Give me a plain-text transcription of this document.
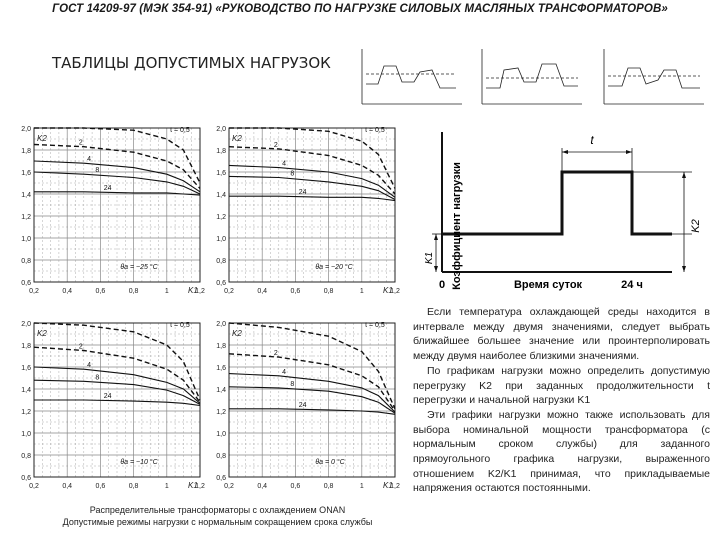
ГОСТ 14209-97 (МЭК 354-91) «РУКОВОДСТВО ПО НАГРУЗКЕ СИЛОВЫХ МАСЛЯНЫХ ТРАНСФОРМАТОРОВ»
ТАБЛИЦЫ ДОПУСТИМЫХ НАГРУЗОК
2,0
1,8
1,6
1,4
1,2
1,0
0,8
0,6
0,2	0,4	0,6	0,8	1	1,2
K1
K2
t = 0,5
2
4
8
24
θa = −25 °C
2,0
1,8
1,6
1,4
1,2
1,0
0,8
0,6
0,2	0,4	0,6	0,8	1	1,2
K1
K2
t = 0,5
2
4
8
24
θa = −20 °C
2,0
1,8
1,6
1,4
1,2
1,0
0,8
0,6
0,2	0,4	0,6	0,8	1	1,2
K1
K2
t = 0,5
2
4
8
24
θa = −10 °C
2,0
1,8
1,6
1,4
1,2
1,0
0,8
0,6
0,2	0,4	0,6	0,8	1	1,2
K1
K2
t = 0,5
2
4
8
24
θa = 0 °C
Распределительные трансформаторы с охлаждением ONAN
Допустимые режимы нагрузки с нормальным сокращением срока службы
t
Коэффициент нагрузки
K1
K2
0	Время суток	24 ч

Если температура охлаждающей среды находится в интервале между двумя значениями, следует выбрать ближайшее большее значение или проинтерполировать между двумя наиболее близкими значениями.

По графикам нагрузки можно определить допустимую перегрузку K2 при заданных продолжительности t перегрузки и начальной нагрузки K1

Эти графики нагрузки можно также использовать для выбора номинальной мощности трансформатора (с нормальным сроком службы) для заданного прямоугольного графика нагрузки, выраженного отношением K2/K1 принимая, что прикладываемые напряжения остаются постоянными.
